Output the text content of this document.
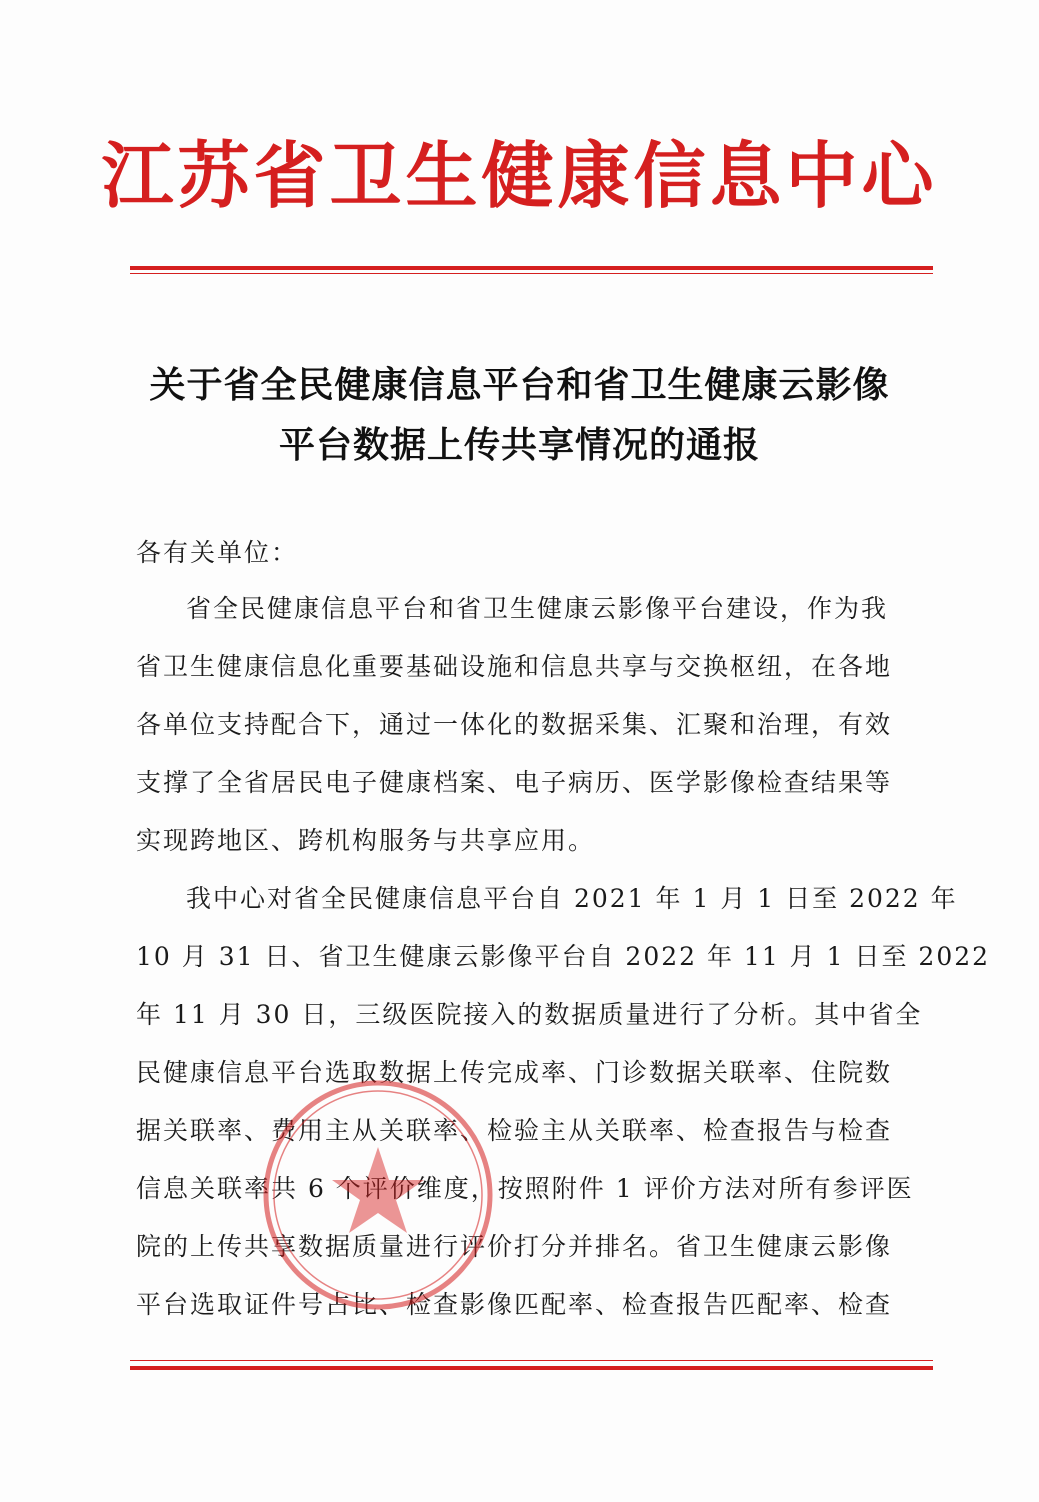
江苏省卫生健康信息中心
关于省全民健康信息平台和省卫生健康云影像
平台数据上传共享情况的通报
各有关单位：
省全民健康信息平台和省卫生健康云影像平台建设，作为我
省卫生健康信息化重要基础设施和信息共享与交换枢纽，在各地
各单位支持配合下，通过一体化的数据采集、汇聚和治理，有效
支撑了全省居民电子健康档案、电子病历、医学影像检查结果等
实现跨地区、跨机构服务与共享应用。
我中心对省全民健康信息平台自 2021 年 1 月 1 日至 2022 年
10 月 31 日、省卫生健康云影像平台自 2022 年 11 月 1 日至 2022
年 11 月 30 日，三级医院接入的数据质量进行了分析。其中省全
民健康信息平台选取数据上传完成率、门诊数据关联率、住院数
据关联率、费用主从关联率、检验主从关联率、检查报告与检查
信息关联率共 6 个评价维度，按照附件 1 评价方法对所有参评医
院的上传共享数据质量进行评价打分并排名。省卫生健康云影像
平台选取证件号占比、检查影像匹配率、检查报告匹配率、检查
